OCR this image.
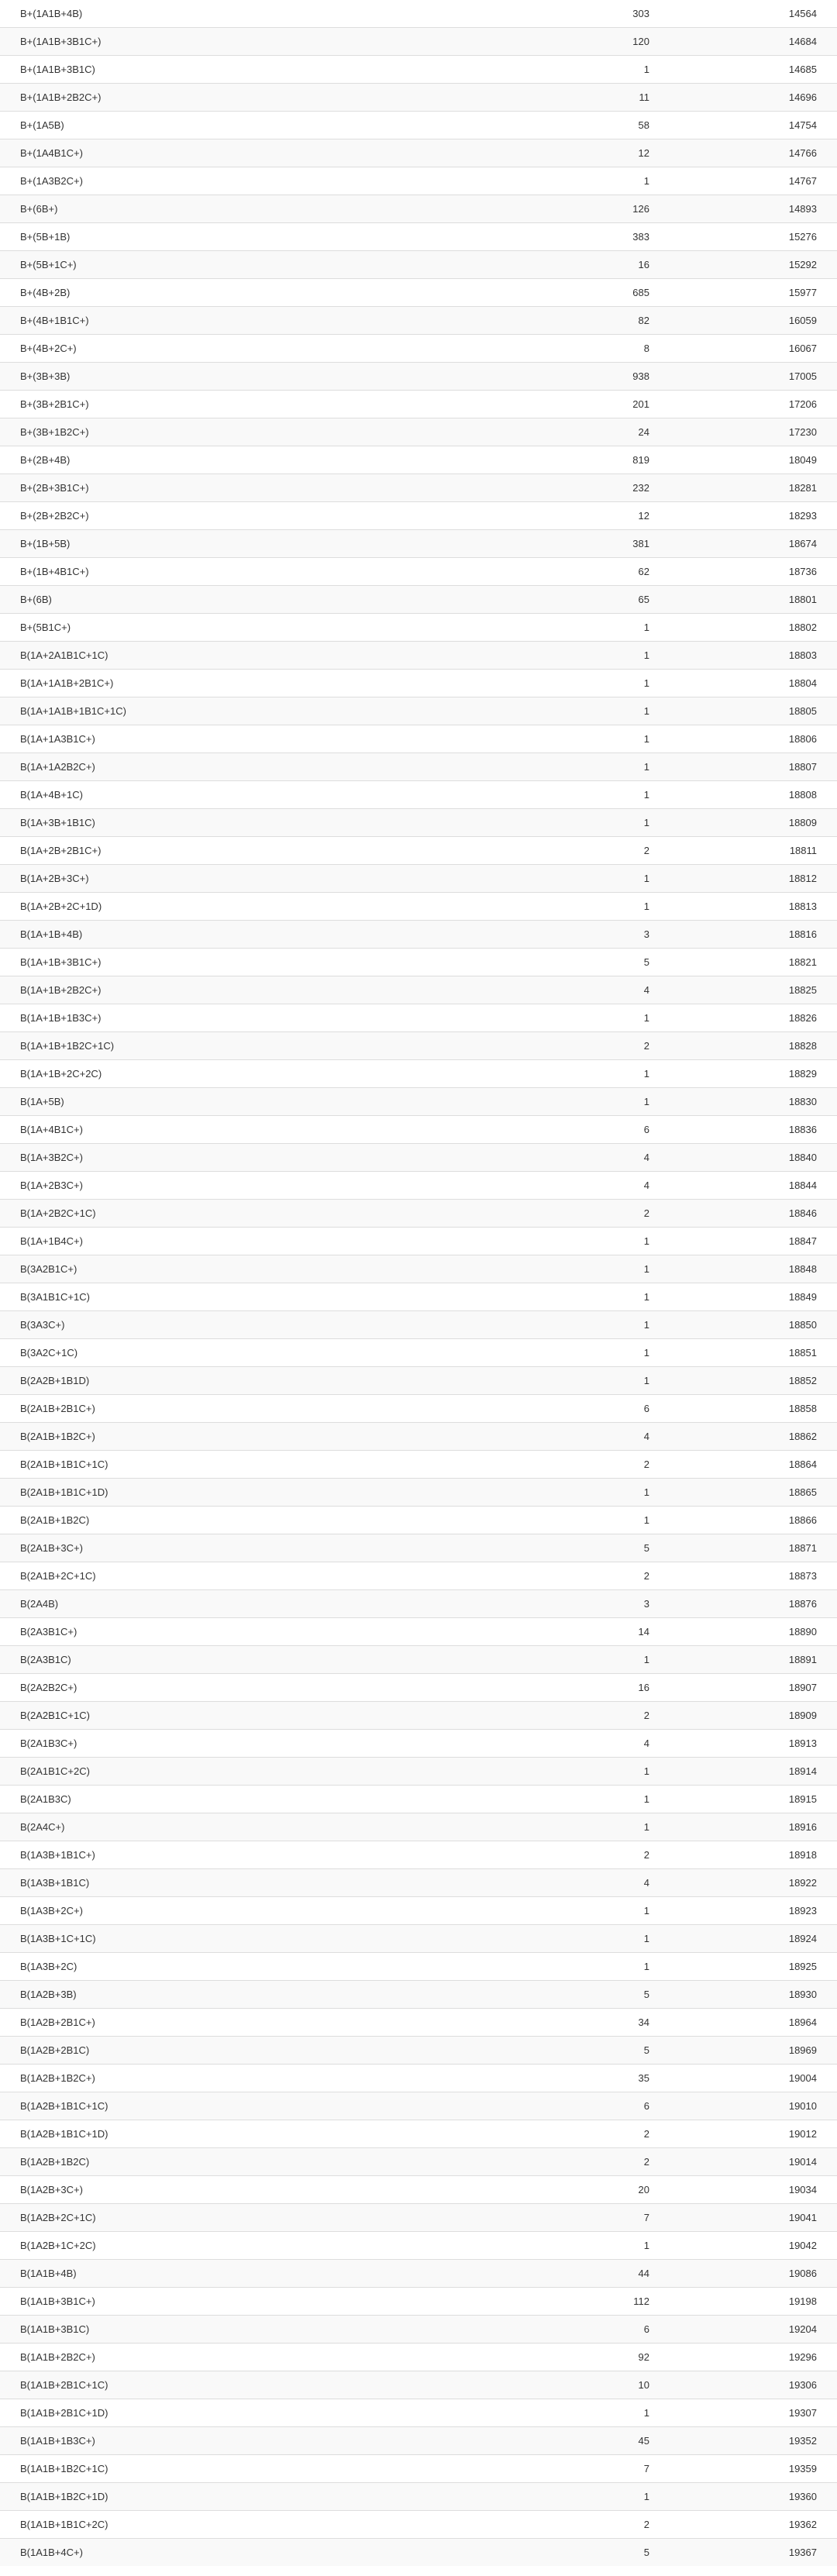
B+(1A1B+4B)	303	14564
B+(1A1B+3B1C+)	120	14684
B+(1A1B+3B1C)	1	14685
B+(1A1B+2B2C+)	11	14696
B+(1A5B)	58	14754
B+(1A4B1C+)	12	14766
B+(1A3B2C+)	1	14767
B+(6B+)	126	14893
B+(5B+1B)	383	15276
B+(5B+1C+)	16	15292
B+(4B+2B)	685	15977
B+(4B+1B1C+)	82	16059
B+(4B+2C+)	8	16067
B+(3B+3B)	938	17005
B+(3B+2B1C+)	201	17206
B+(3B+1B2C+)	24	17230
B+(2B+4B)	819	18049
B+(2B+3B1C+)	232	18281
B+(2B+2B2C+)	12	18293
B+(1B+5B)	381	18674
B+(1B+4B1C+)	62	18736
B+(6B)	65	18801
B+(5B1C+)	1	18802
B(1A+2A1B1C+1C)	1	18803
B(1A+1A1B+2B1C+)	1	18804
B(1A+1A1B+1B1C+1C)	1	18805
B(1A+1A3B1C+)	1	18806
B(1A+1A2B2C+)	1	18807
B(1A+4B+1C)	1	18808
B(1A+3B+1B1C)	1	18809
B(1A+2B+2B1C+)	2	18811
B(1A+2B+3C+)	1	18812
B(1A+2B+2C+1D)	1	18813
B(1A+1B+4B)	3	18816
B(1A+1B+3B1C+)	5	18821
B(1A+1B+2B2C+)	4	18825
B(1A+1B+1B3C+)	1	18826
B(1A+1B+1B2C+1C)	2	18828
B(1A+1B+2C+2C)	1	18829
B(1A+5B)	1	18830
B(1A+4B1C+)	6	18836
B(1A+3B2C+)	4	18840
B(1A+2B3C+)	4	18844
B(1A+2B2C+1C)	2	18846
B(1A+1B4C+)	1	18847
B(3A2B1C+)	1	18848
B(3A1B1C+1C)	1	18849
B(3A3C+)	1	18850
B(3A2C+1C)	1	18851
B(2A2B+1B1D)	1	18852
B(2A1B+2B1C+)	6	18858
B(2A1B+1B2C+)	4	18862
B(2A1B+1B1C+1C)	2	18864
B(2A1B+1B1C+1D)	1	18865
B(2A1B+1B2C)	1	18866
B(2A1B+3C+)	5	18871
B(2A1B+2C+1C)	2	18873
B(2A4B)	3	18876
B(2A3B1C+)	14	18890
B(2A3B1C)	1	18891
B(2A2B2C+)	16	18907
B(2A2B1C+1C)	2	18909
B(2A1B3C+)	4	18913
B(2A1B1C+2C)	1	18914
B(2A1B3C)	1	18915
B(2A4C+)	1	18916
B(1A3B+1B1C+)	2	18918
B(1A3B+1B1C)	4	18922
B(1A3B+2C+)	1	18923
B(1A3B+1C+1C)	1	18924
B(1A3B+2C)	1	18925
B(1A2B+3B)	5	18930
B(1A2B+2B1C+)	34	18964
B(1A2B+2B1C)	5	18969
B(1A2B+1B2C+)	35	19004
B(1A2B+1B1C+1C)	6	19010
B(1A2B+1B1C+1D)	2	19012
B(1A2B+1B2C)	2	19014
B(1A2B+3C+)	20	19034
B(1A2B+2C+1C)	7	19041
B(1A2B+1C+2C)	1	19042
B(1A1B+4B)	44	19086
B(1A1B+3B1C+)	112	19198
B(1A1B+3B1C)	6	19204
B(1A1B+2B2C+)	92	19296
B(1A1B+2B1C+1C)	10	19306
B(1A1B+2B1C+1D)	1	19307
B(1A1B+1B3C+)	45	19352
B(1A1B+1B2C+1C)	7	19359
B(1A1B+1B2C+1D)	1	19360
B(1A1B+1B1C+2C)	2	19362
B(1A1B+4C+)	5	19367
